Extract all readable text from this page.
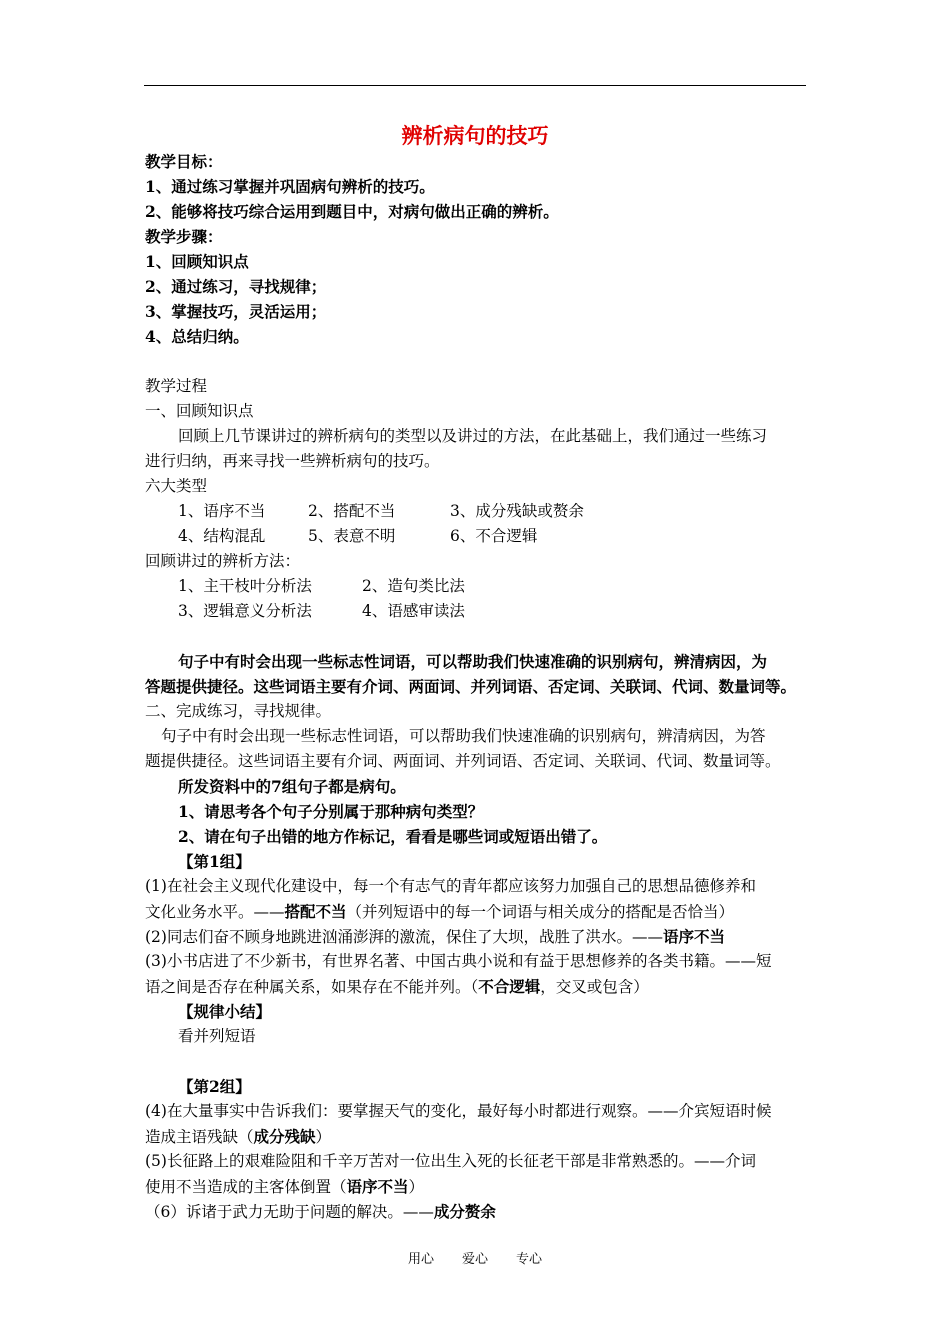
辨析病句的技巧
教学目标：
1、通过练习掌握并巩固病句辨析的技巧。
2、能够将技巧综合运用到题目中，对病句做出正确的辨析。
教学步骤：
1、回顾知识点
2、通过练习，寻找规律；
3、掌握技巧，灵活运用；
4、总结归纳。
教学过程
一、回顾知识点
回顾上几节课讲过的辨析病句的类型以及讲过的方法，在此基础上，我们通过一些练习
进行归纳，再来寻找一些辨析病句的技巧。
六大类型
1、语序不当	2、搭配不当	3、成分残缺或赘余
4、结构混乱	5、表意不明	6、不合逻辑
回顾讲过的辨析方法：
1、主干枝叶分析法	2、造句类比法
3、逻辑意义分析法	4、语感审读法
句子中有时会出现一些标志性词语，可以帮助我们快速准确的识别病句，辨清病因，为
答题提供捷径。这些词语主要有介词、两面词、并列词语、否定词、关联词、代词、数量词等。
二、完成练习，寻找规律。
句子中有时会出现一些标志性词语，可以帮助我们快速准确的识别病句，辨清病因，为答
题提供捷径。这些词语主要有介词、两面词、并列词语、否定词、关联词、代词、数量词等。
所发资料中的7组句子都是病句。
1、请思考各个句子分别属于那种病句类型？
2、请在句子出错的地方作标记，看看是哪些词或短语出错了。
【第1组】
(1)在社会主义现代化建设中，每一个有志气的青年都应该努力加强自己的思想品德修养和
文化业务水平。——搭配不当（并列短语中的每一个词语与相关成分的搭配是否恰当）
(2)同志们奋不顾身地跳进汹涌澎湃的激流，保住了大坝，战胜了洪水。——语序不当
(3)小书店进了不少新书，有世界名著、中国古典小说和有益于思想修养的各类书籍。——短
语之间是否存在种属关系，如果存在不能并列。（不合逻辑，交叉或包含）
【规律小结】
看并列短语
【第2组】
(4)在大量事实中告诉我们：要掌握天气的变化，最好每小时都进行观察。——介宾短语时候
造成主语残缺（成分残缺）
(5)长征路上的艰难险阻和千辛万苦对一位出生入死的长征老干部是非常熟悉的。——介词
使用不当造成的主客体倒置（语序不当）
（6）诉诸于武力无助于问题的解决。——成分赘余
用心 爱心 专心
